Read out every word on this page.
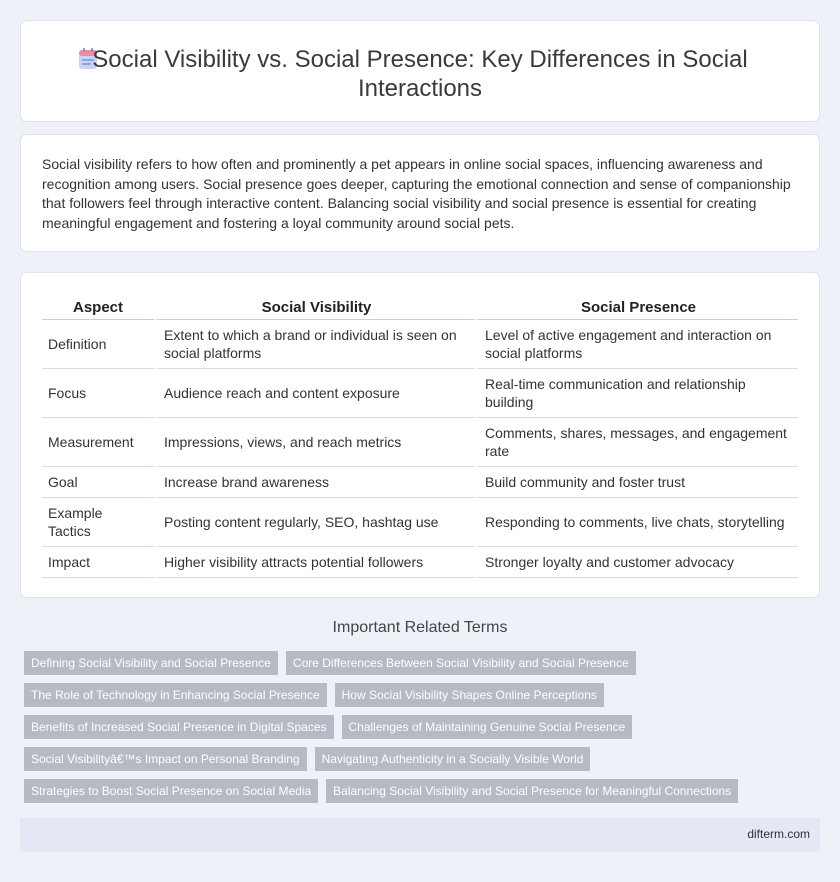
Social Visibility vs. Social Presence: Key Differences in Social Interactions

Social visibility refers to how often and prominently a pet appears in online social spaces, influencing awareness and recognition among users. Social presence goes deeper, capturing the emotional connection and sense of companionship that followers feel through interactive content. Balancing social visibility and social presence is essential for creating meaningful engagement and fostering a loyal community around social pets.

Aspect	Social Visibility	Social Presence
Definition	Extent to which a brand or individual is seen on social platforms	Level of active engagement and interaction on social platforms
Focus	Audience reach and content exposure	Real-time communication and relationship building
Measurement	Impressions, views, and reach metrics	Comments, shares, messages, and engagement rate
Goal	Increase brand awareness	Build community and foster trust
Example Tactics	Posting content regularly, SEO, hashtag use	Responding to comments, live chats, storytelling
Impact	Higher visibility attracts potential followers	Stronger loyalty and customer advocacy
Important Related Terms
Defining Social Visibility and Social Presence	Core Differences Between Social Visibility and Social Presence
The Role of Technology in Enhancing Social Presence	How Social Visibility Shapes Online Perceptions
Benefits of Increased Social Presence in Digital Spaces	Challenges of Maintaining Genuine Social Presence
Social Visibilityâ€™s Impact on Personal Branding	Navigating Authenticity in a Socially Visible World
Strategies to Boost Social Presence on Social Media	Balancing Social Visibility and Social Presence for Meaningful Connections
difterm.com
